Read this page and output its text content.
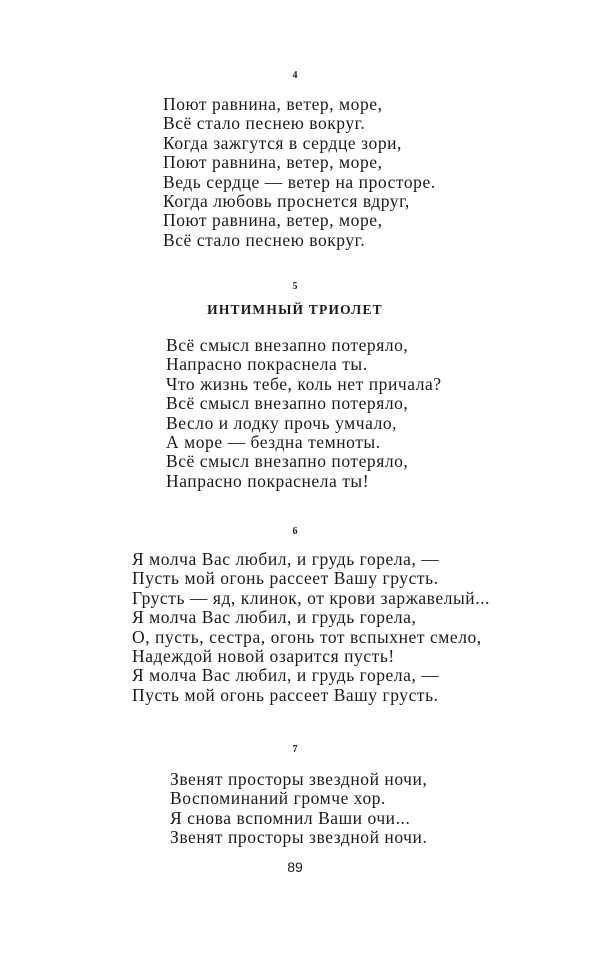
4
Поют равнина, ветер, море,
Всё стало песнею вокруг.
Когда зажгутся в сердце зори,
Поют равнина, ветер, море,
Ведь сердце — ветер на просторе.
Когда любовь проснется вдруг,
Поют равнина, ветер, море,
Всё стало песнею вокруг.
5
ИНТИМНЫЙ ТРИОЛЕТ
Всё смысл внезапно потеряло,
Напрасно покраснела ты.
Что жизнь тебе, коль нет причала?
Всё смысл внезапно потеряло,
Весло и лодку прочь умчало,
А море — бездна темноты.
Всё смысл внезапно потеряло,
Напрасно покраснела ты!
6
Я молча Вас любил, и грудь горела, —
Пусть мой огонь рассеет Вашу грусть.
Грусть — яд, клинок, от крови заржавелый...
Я молча Вас любил, и грудь горела,
О, пусть, сестра, огонь тот вспыхнет смело,
Надеждой новой озарится пусть!
Я молча Вас любил, и грудь горела, —
Пусть мой огонь рассеет Вашу грусть.
7
Звенят просторы звездной ночи,
Воспоминаний громче хор.
Я снова вспомнил Ваши очи...
Звенят просторы звездной ночи.
89
